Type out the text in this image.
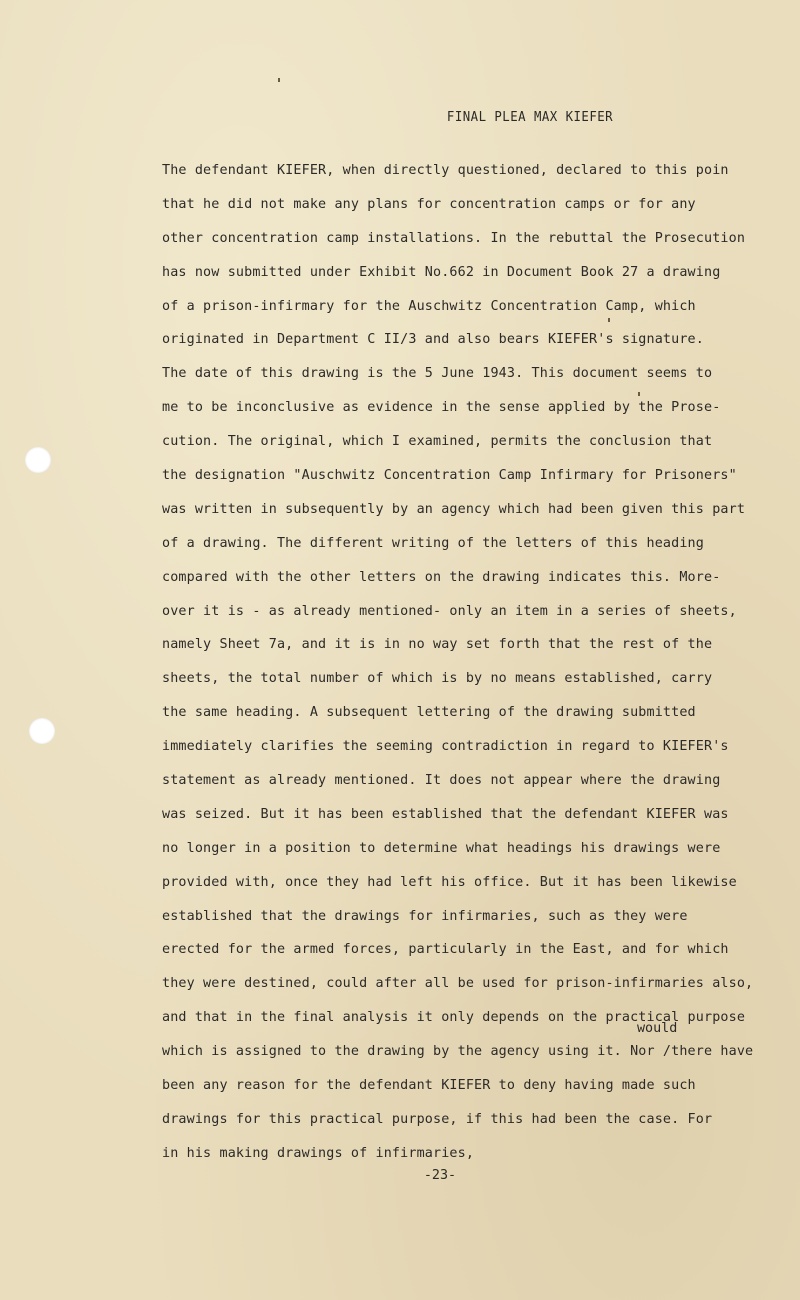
FINAL PLEA MAX KIEFER
The defendant KIEFER, when directly questioned, declared to this poin
that he did not make any plans for concentration camps or for any
other concentration camp installations. In the rebuttal the Prosecution
has now submitted under Exhibit No.662 in Document Book 27 a drawing
of a prison-infirmary for the Auschwitz Concentration Camp, which
originated in Department C II/3 and also bears KIEFER's signature.
The date of this drawing is the 5 June 1943. This document seems to
me to be inconclusive as evidence in the sense applied by the Prose-
cution. The original, which I examined, permits the conclusion that
the designation "Auschwitz Concentration Camp Infirmary for Prisoners"
was written in subsequently by an agency which had been given this part
of a drawing. The different writing of the letters of this heading
compared with the other letters on the drawing indicates this. More-
over it is - as already mentioned- only an item in a series of sheets,
namely Sheet 7a, and it is in no way set forth that the rest of the
sheets, the total number of which is by no means established, carry
the same heading. A subsequent lettering of the drawing submitted
immediately clarifies the seeming contradiction in regard to KIEFER's
statement as already mentioned. It does not appear where the drawing
was seized. But it has been established that the defendant KIEFER was
no longer in a position to determine what headings his drawings were
provided with, once they had left his office. But it has been likewise
established that the drawings for infirmaries, such as they were
erected for the armed forces, particularly in the East, and for which
they were destined, could after all be used for prison-infirmaries also,
and that in the final analysis it only depends on the practical purpose
which is assigned to the drawing by the agency using it. Nor /there have
been any reason for the defendant KIEFER to deny having made such
drawings for this practical purpose, if this had been the case. For
in his making drawings of infirmaries,
would
-23-
